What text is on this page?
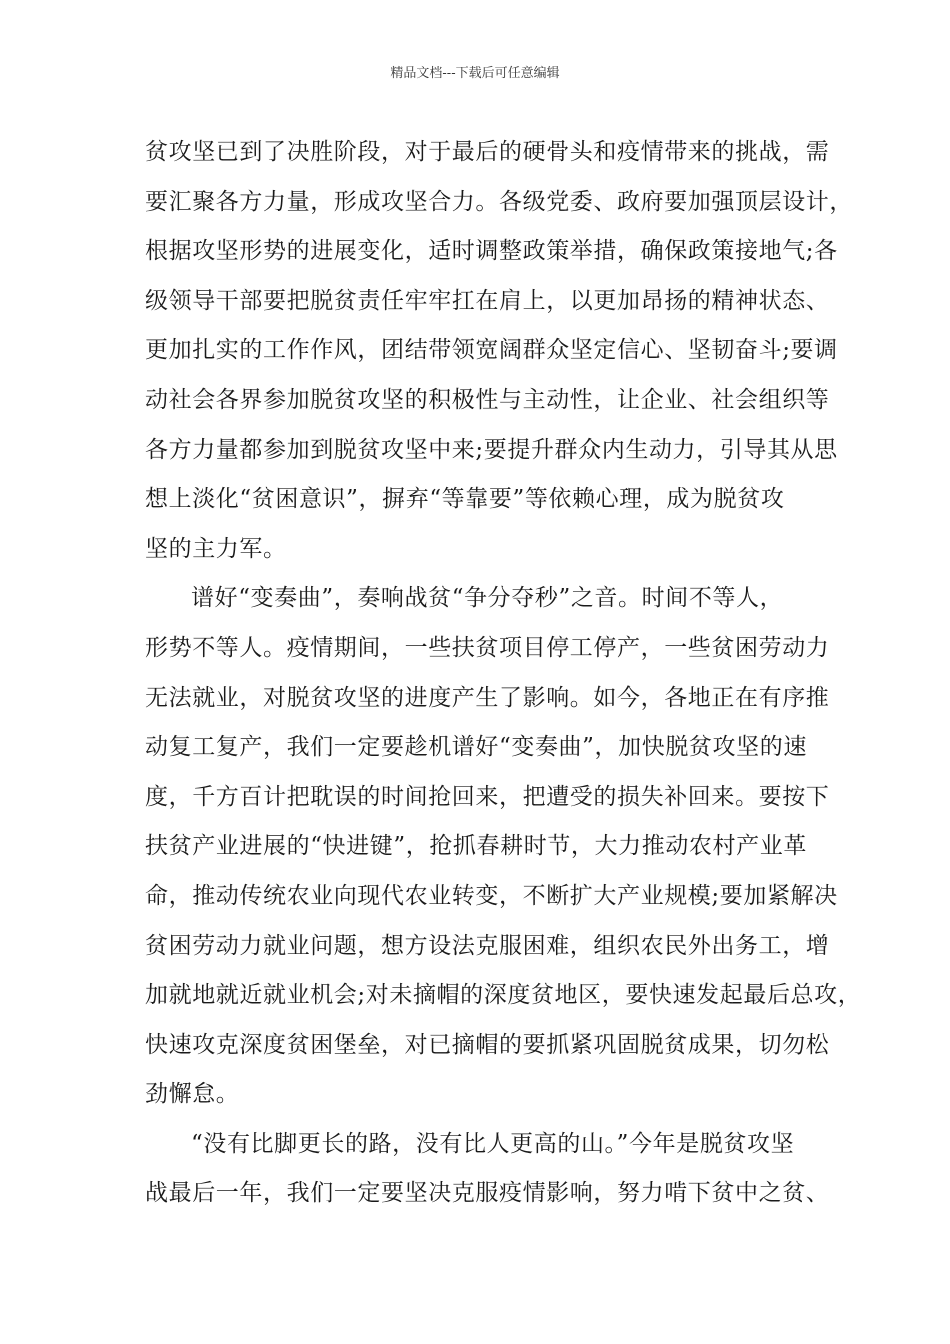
精品文档---下载后可任意编辑
贫攻坚已到了决胜阶段，对于最后的硬骨头和疫情带来的挑战，需
要汇聚各方力量，形成攻坚合力。各级党委、政府要加强顶层设计，
根据攻坚形势的进展变化，适时调整政策举措，确保政策接地气;各
级领导干部要把脱贫责任牢牢扛在肩上，以更加昂扬的精神状态、
更加扎实的工作作风，团结带领宽阔群众坚定信心、坚韧奋斗;要调
动社会各界参加脱贫攻坚的积极性与主动性，让企业、社会组织等
各方力量都参加到脱贫攻坚中来;要提升群众内生动力，引导其从思
想上淡化“贫困意识”，摒弃“等靠要”等依赖心理，成为脱贫攻
坚的主力军。
谱好“变奏曲”，奏响战贫“争分夺秒”之音。时间不等人，
形势不等人。疫情期间，一些扶贫项目停工停产，一些贫困劳动力
无法就业，对脱贫攻坚的进度产生了影响。如今，各地正在有序推
动复工复产，我们一定要趁机谱好“变奏曲”，加快脱贫攻坚的速
度，千方百计把耽误的时间抢回来，把遭受的损失补回来。要按下
扶贫产业进展的“快进键”，抢抓春耕时节，大力推动农村产业革
命，推动传统农业向现代农业转变，不断扩大产业规模;要加紧解决
贫困劳动力就业问题，想方设法克服困难，组织农民外出务工，增
加就地就近就业机会;对未摘帽的深度贫地区，要快速发起最后总攻，
快速攻克深度贫困堡垒，对已摘帽的要抓紧巩固脱贫成果，切勿松
劲懈怠。
“没有比脚更长的路，没有比人更高的山。”今年是脱贫攻坚
战最后一年，我们一定要坚决克服疫情影响，努力啃下贫中之贫、
